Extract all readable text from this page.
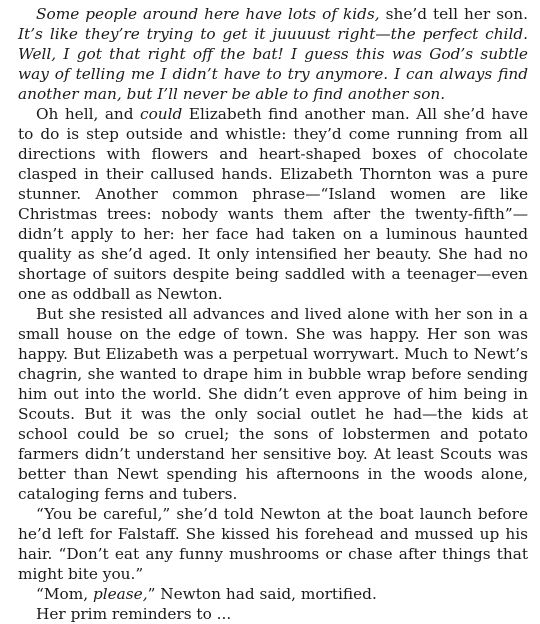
Some people around here have lots of kids, she’d tell her son. It’s like they’re trying to get it juuuust right—the perfect child. Well, I got that right off the bat! I guess this was God’s subtle way of telling me I didn’t have to try anymore. I can always find another man, but I’ll never be able to find another son.

Oh hell, and could Elizabeth find another man. All she’d have to do is step outside and whistle: they’d come running from all directions with flowers and heart-shaped boxes of chocolate clasped in their callused hands. Elizabeth Thornton was a pure stunner. Another common phrase—“Island women are like Christmas trees: nobody wants them after the twenty-fifth”—didn’t apply to her: her face had taken on a luminous haunted quality as she’d aged. It only intensified her beauty. She had no shortage of suitors despite being saddled with a teenager—even one as oddball as Newton.

But she resisted all advances and lived alone with her son in a small house on the edge of town. She was happy. Her son was happy. But Elizabeth was a perpetual worrywart. Much to Newt’s chagrin, she wanted to drape him in bubble wrap before sending him out into the world. She didn’t even approve of him being in Scouts. But it was the only social outlet he had—the kids at school could be so cruel; the sons of lobstermen and potato farmers didn’t understand her sensitive boy. At least Scouts was better than Newt spending his afternoons in the woods alone, cataloging ferns and tubers.

“You be careful,” she’d told Newton at the boat launch before he’d left for Falstaff. She kissed his forehead and mussed up his hair. “Don’t eat any funny mushrooms or chase after things that might bite you.”

“Mom, please,” Newton had said, mortified.

Her prim reminders to ...
